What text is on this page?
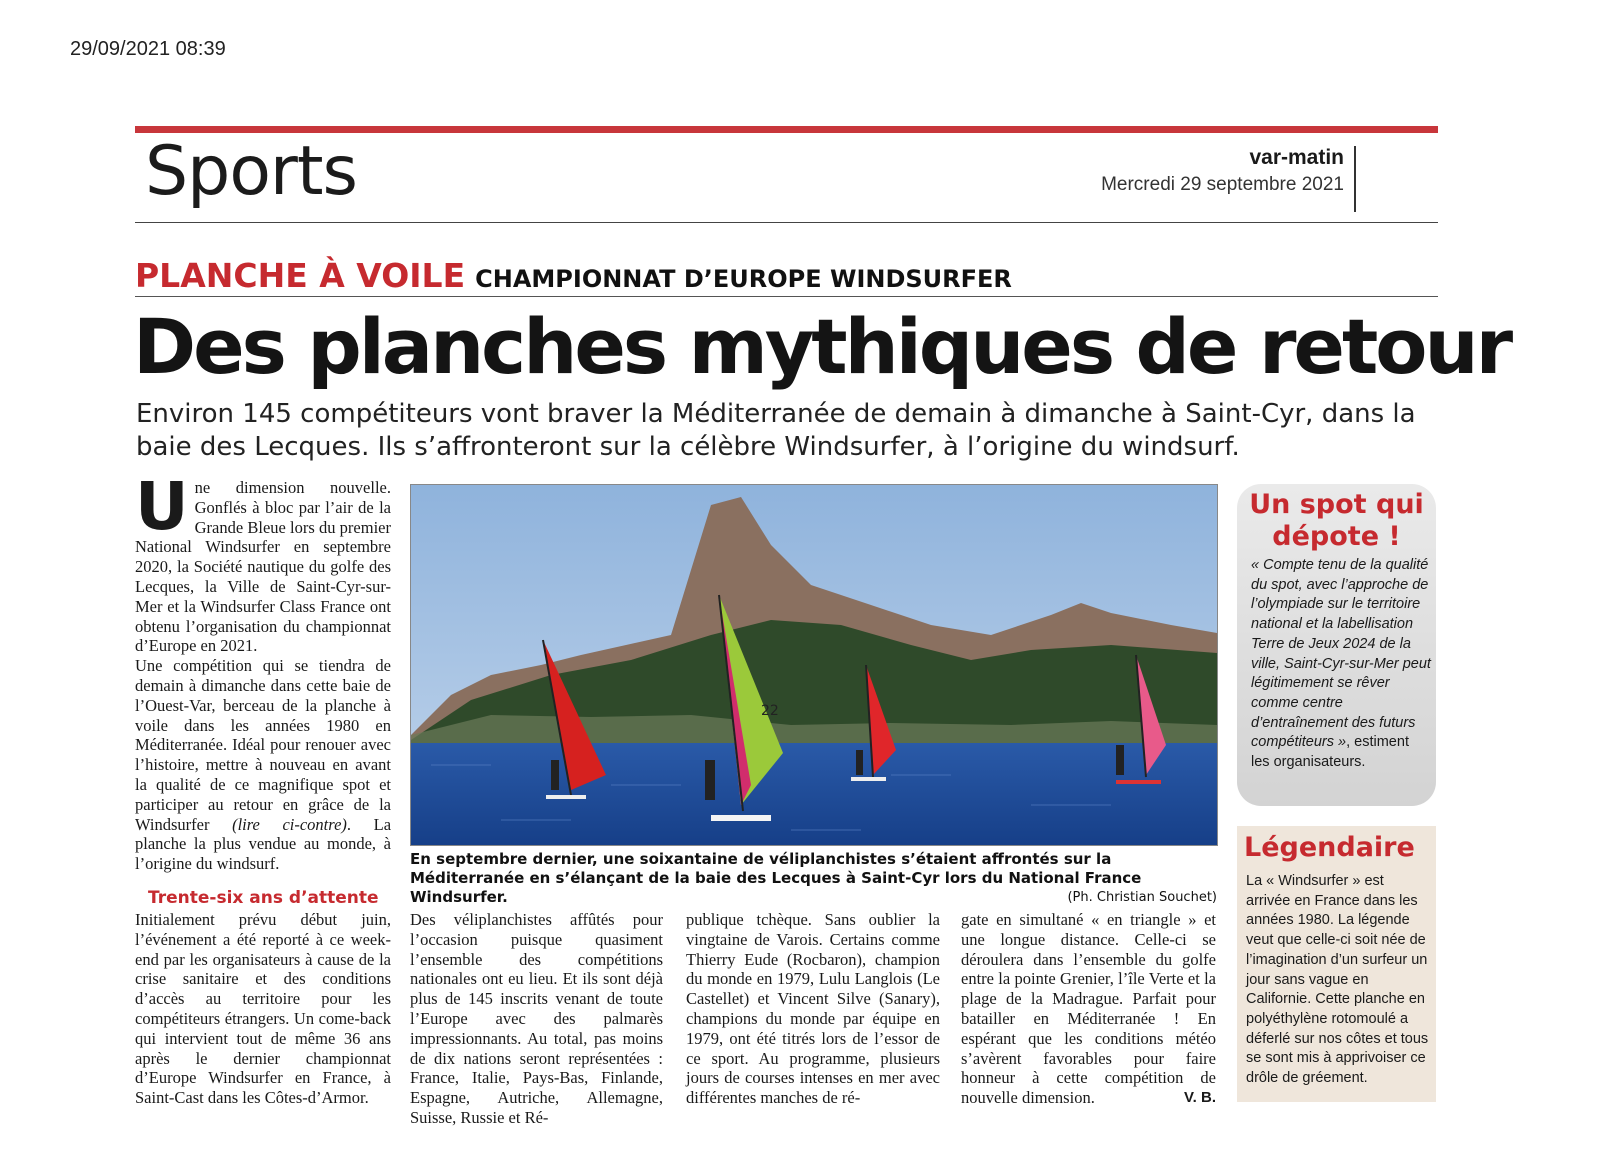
29/09/2021 08:39
Sports	var-matin
Mercredi 29 septembre 2021
PLANCHE À VOILE CHAMPIONNAT D’EUROPE WINDSURFER
Des planches mythiques de retour
Environ 145 compétiteurs vont braver la Méditerranée de demain à dimanche à Saint-Cyr, dans la baie des Lecques. Ils s’affronteront sur la célèbre Windsurfer, à l’origine du windsurf.
Une dimension nouvelle. Gonflés à bloc par l’air de la Grande Bleue lors du premier National Windsurfer en septembre 2020, la Société nautique du golfe des Lecques, la Ville de Saint-Cyr-sur-Mer et la Windsurfer Class France ont obtenu l’organisation du championnat d’Europe en 2021.
Une compétition qui se tiendra de demain à dimanche dans cette baie de l’Ouest-Var, berceau de la planche à voile dans les années 1980 en Méditerranée. Idéal pour renouer avec l’histoire, mettre à nouveau en avant la qualité de ce magnifique spot et participer au retour en grâce de la Windsurfer (lire ci-contre). La planche la plus vendue au monde, à l’origine du windsurf.
Trente-six ans d’attente
Initialement prévu début juin, l’événement a été reporté à ce week-end par les organisateurs à cause de la crise sanitaire et des conditions d’accès au territoire pour les compétiteurs étrangers. Un come-back qui intervient tout de même 36 ans après le dernier championnat d’Europe Windsurfer en France, à Saint-Cast dans les Côtes-d’Armor.
Des véliplanchistes affûtés pour l’occasion puisque quasiment l’ensemble des compétitions nationales ont eu lieu. Et ils sont déjà plus de 145 inscrits venant de toute l’Europe avec des palmarès impressionnants. Au total, pas moins de dix nations seront représentées : France, Italie, Pays-Bas, Finlande, Espagne, Autriche, Allemagne, Suisse, Russie et Ré-
publique tchèque. Sans oublier la vingtaine de Varois. Certains comme Thierry Eude (Rocbaron), champion du monde en 1979, Lulu Langlois (Le Castellet) et Vincent Silve (Sanary), champions du monde par équipe en 1979, ont été titrés lors de l’essor de ce sport. Au programme, plusieurs jours de courses intenses en mer avec différentes manches de ré-
gate en simultané « en triangle » et une longue distance. Celle-ci se déroulera dans l’ensemble du golfe entre la pointe Grenier, l’île Verte et la plage de la Madrague. Parfait pour batailler en Méditerranée ! En espérant que les conditions météo s’avèrent favorables pour faire honneur à cette compétition de nouvelle dimension.	V. B.
22
En septembre dernier, une soixantaine de véliplanchistes s’étaient affrontés sur la Méditerranée en s’élançant de la baie des Lecques à Saint-Cyr lors du National France Windsurfer.	(Ph. Christian Souchet)
Un spot qui dépote !
« Compte tenu de la qualité du spot, avec l’approche de l’olympiade sur le territoire national et la labellisation Terre de Jeux 2024 de la ville, Saint-Cyr-sur-Mer peut légitimement se rêver comme centre d’entraînement des futurs compétiteurs », estiment les organisateurs.
Légendaire
La « Windsurfer » est arrivée en France dans les années 1980. La légende veut que celle-ci soit née de l’imagination d’un surfeur un jour sans vague en Californie. Cette planche en polyéthylène rotomoulé a déferlé sur nos côtes et tous se sont mis à apprivoiser ce drôle de gréement.
